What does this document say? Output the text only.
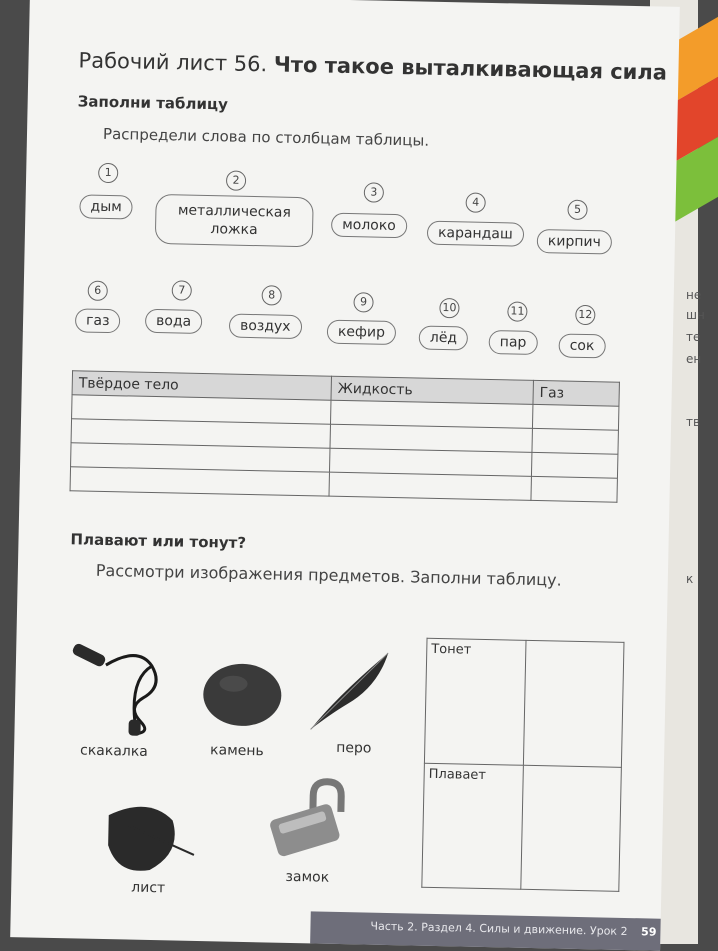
не
шн
те
ен
тв
к
Рабочий лист 56. Что такое выталкивающая сила
Заполни таблицу
Распредели слова по столбцам таблицы.
1
дым
2
металлическая ложка
3
молоко
4
карандаш
5
кирпич
6
газ
7
вода
8
воздух
9
кефир
10
лёд
11
пар
12
сок
Твёрдое тело	Жидкость	Газ

Плавают или тонут?
Рассмотри изображения предметов. Заполни таблицу.
скакалка	камень	перо
лист
замок
Тонет	
Плавает	
Часть 2. Раздел 4. Силы и движение. Урок 2 59
